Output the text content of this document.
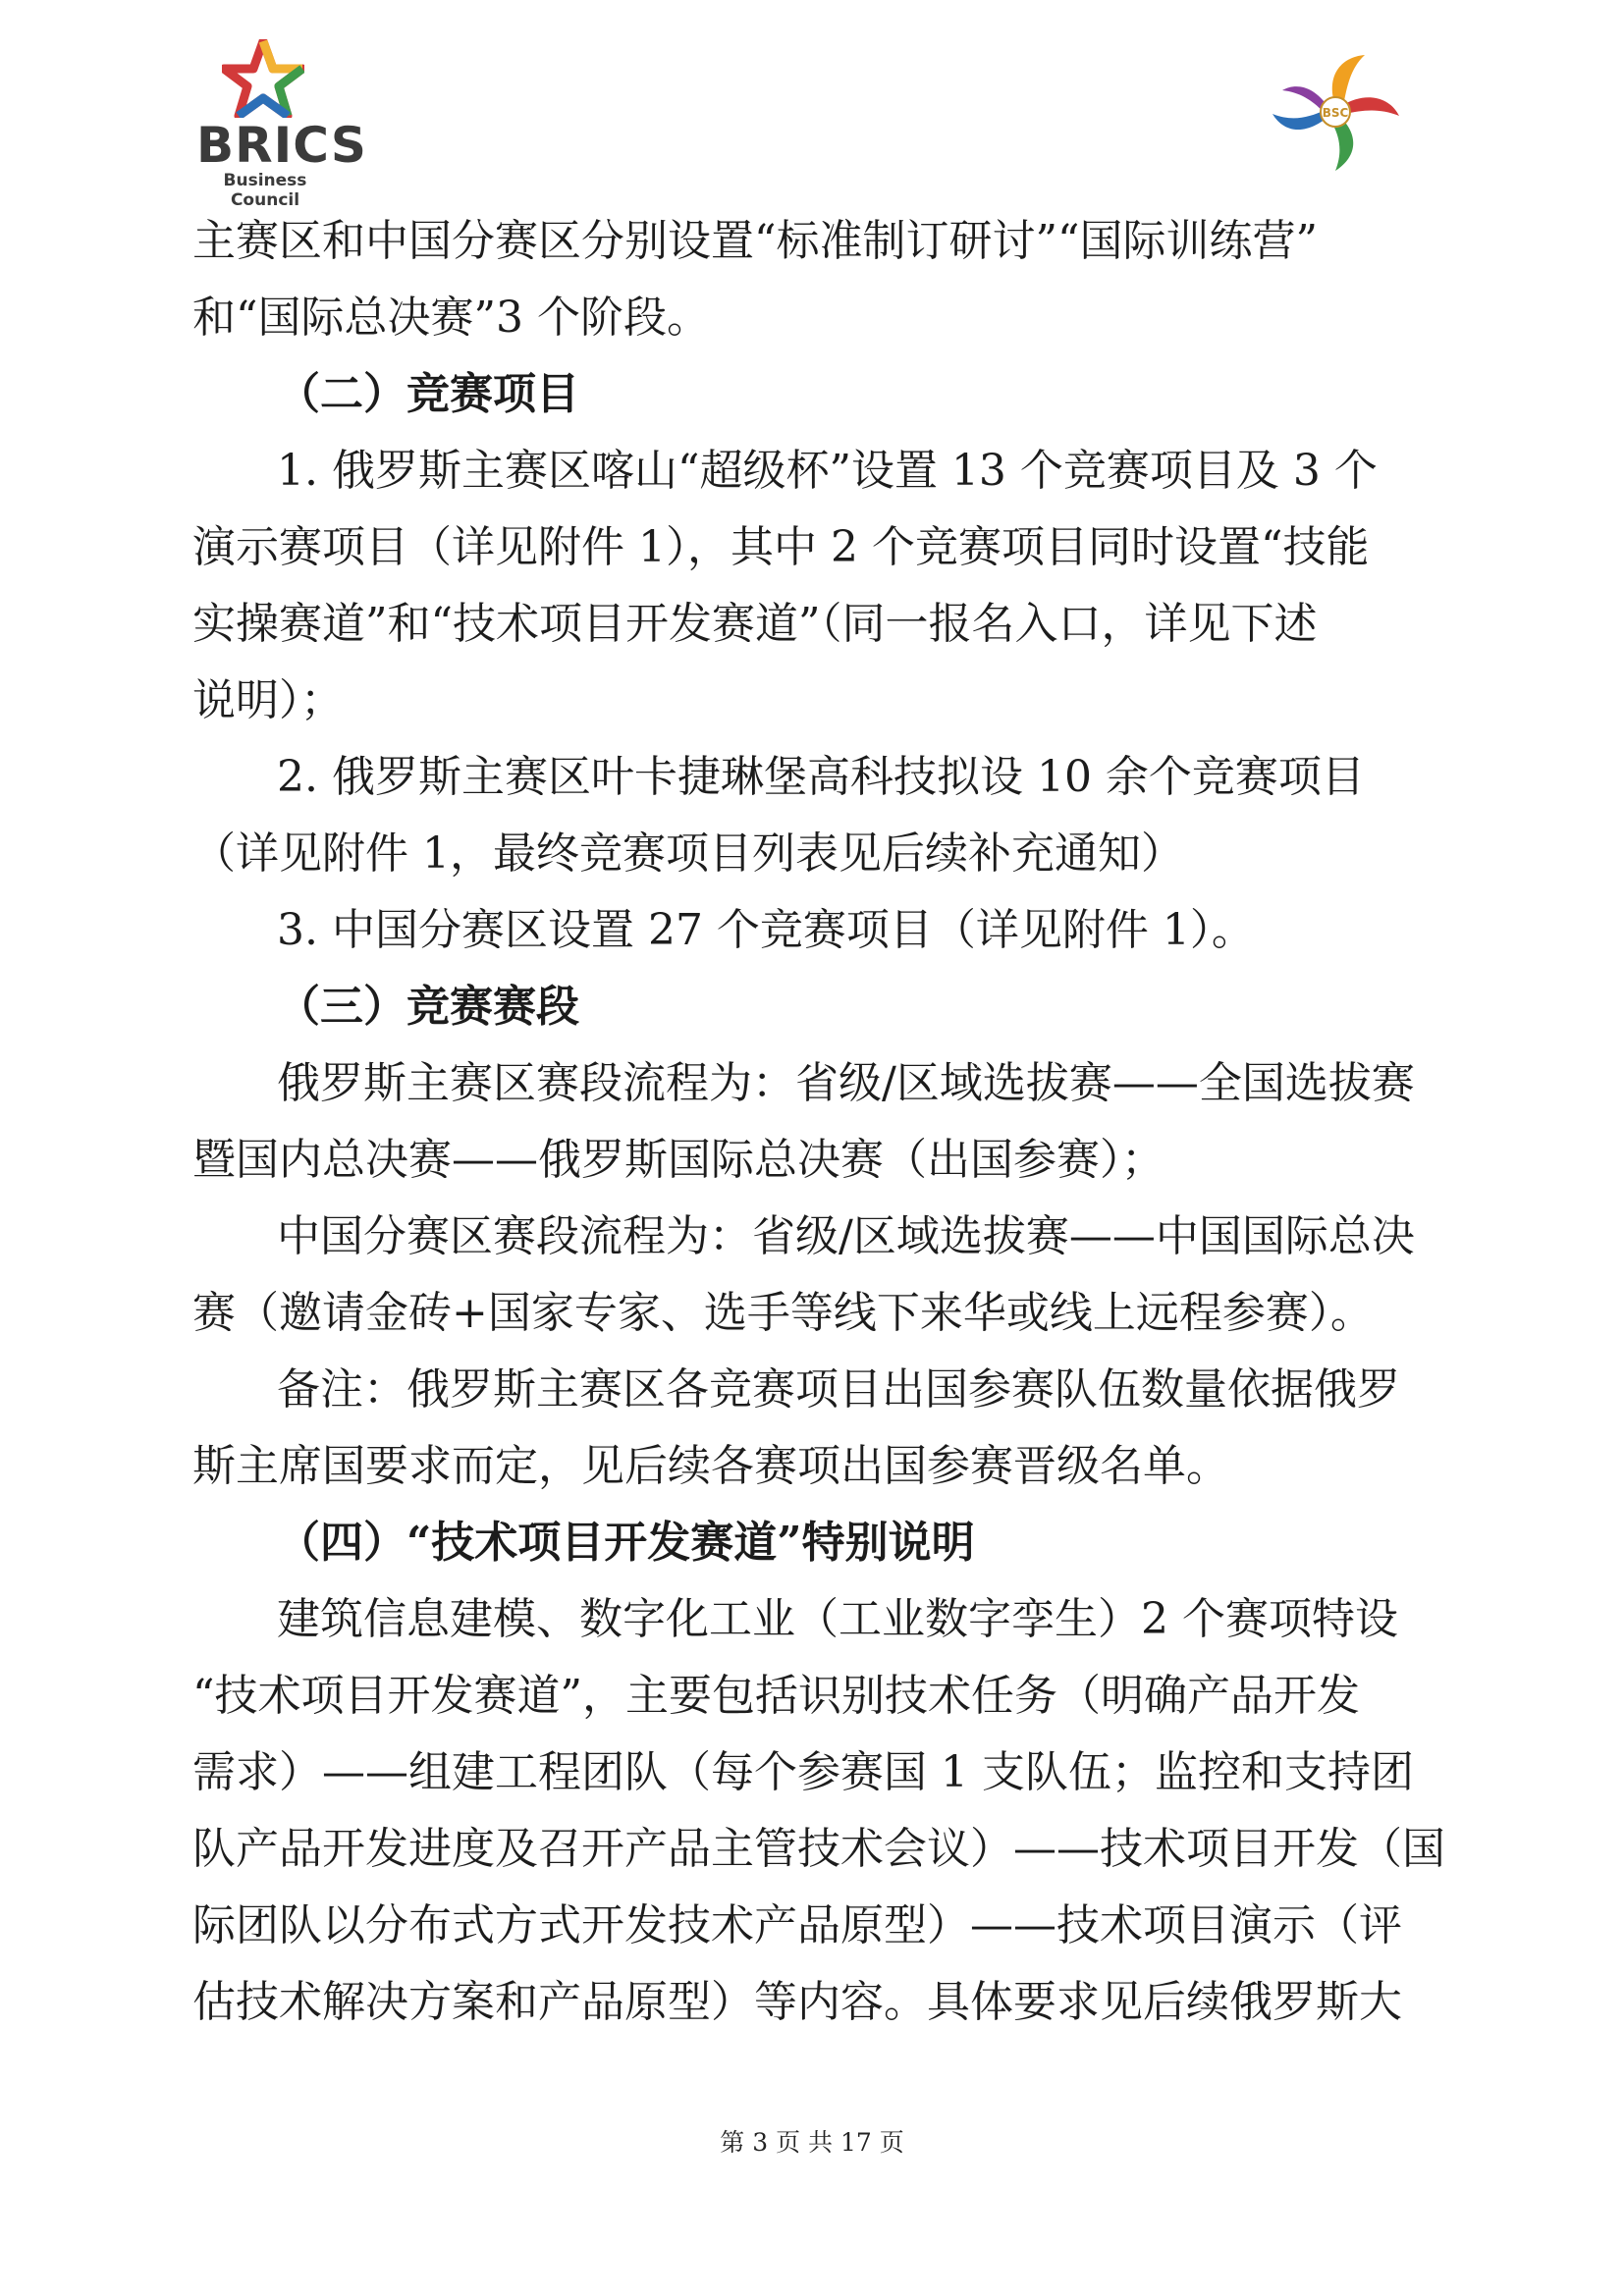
BRICS
Business Council
BSC
主赛区和中国分赛区分别设置“标准制订研讨”“国际训练营”
和“国际总决赛”3 个阶段。
（二）竞赛项目
1. 俄罗斯主赛区喀山“超级杯”设置 13 个竞赛项目及 3 个
演示赛项目（详见附件 1），其中 2 个竞赛项目同时设置“技能
实操赛道”和“技术项目开发赛道”（同一报名入口，详见下述
说明）；
2. 俄罗斯主赛区叶卡捷琳堡高科技拟设 10 余个竞赛项目
（详见附件 1，最终竞赛项目列表见后续补充通知）
3. 中国分赛区设置 27 个竞赛项目（详见附件 1）。
（三）竞赛赛段
俄罗斯主赛区赛段流程为：省级/区域选拔赛——全国选拔赛
暨国内总决赛——俄罗斯国际总决赛（出国参赛）；
中国分赛区赛段流程为：省级/区域选拔赛——中国国际总决
赛（邀请金砖+国家专家、选手等线下来华或线上远程参赛）。
备注：俄罗斯主赛区各竞赛项目出国参赛队伍数量依据俄罗
斯主席国要求而定，见后续各赛项出国参赛晋级名单。
（四）“技术项目开发赛道”特别说明
建筑信息建模、数字化工业（工业数字孪生）2 个赛项特设
“技术项目开发赛道”，主要包括识别技术任务（明确产品开发
需求）——组建工程团队（每个参赛国 1 支队伍；监控和支持团
队产品开发进度及召开产品主管技术会议）——技术项目开发（国
际团队以分布式方式开发技术产品原型）——技术项目演示（评
估技术解决方案和产品原型）等内容。具体要求见后续俄罗斯大
第 3 页 共 17 页
